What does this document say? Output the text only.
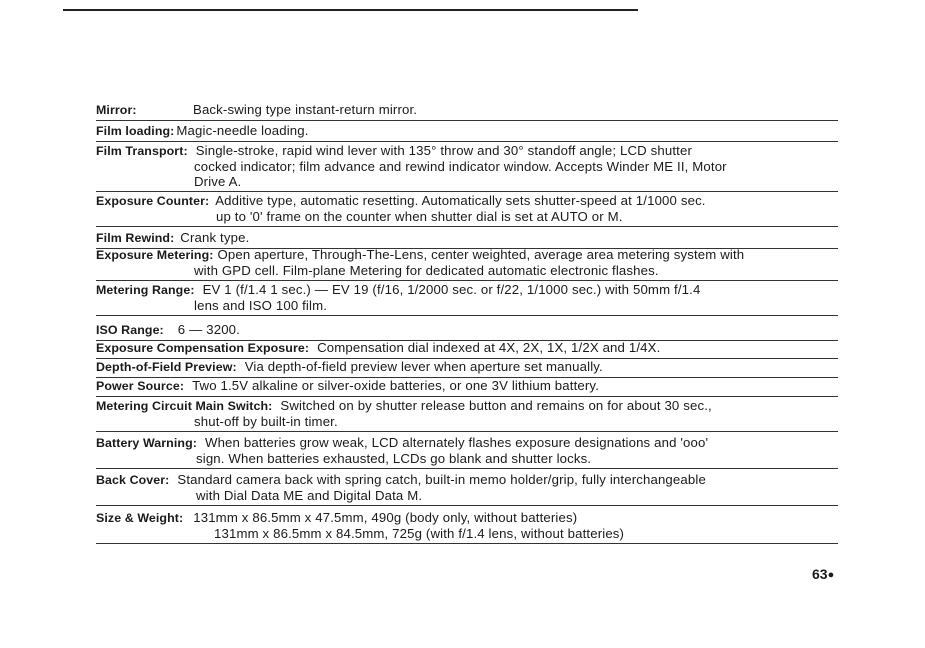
Mirror:	Back-swing type instant-return mirror.
Film loading: Magic-needle loading.
Film Transport: Single-stroke, rapid wind lever with 135° throw and 30° standoff angle; LCD shutter
cocked indicator; film advance and rewind indicator window. Accepts Winder ME II, Motor
Drive A.
Exposure Counter: Additive type, automatic resetting. Automatically sets shutter-speed at 1/1000 sec.
up to '0' frame on the counter when shutter dial is set at AUTO or M.
Film Rewind: Crank type.
Exposure Metering: Open aperture, Through-The-Lens, center weighted, average area metering system with
with GPD cell. Film-plane Metering for dedicated automatic electronic flashes.
Metering Range: EV 1 (f/1.4 1 sec.) — EV 19 (f/16, 1/2000 sec. or f/22, 1/1000 sec.) with 50mm f/1.4
lens and ISO 100 film.
ISO Range: 6 — 3200.
Exposure Compensation Exposure: Compensation dial indexed at 4X, 2X, 1X, 1/2X and 1/4X.
Depth-of-Field Preview: Via depth-of-field preview lever when aperture set manually.
Power Source: Two 1.5V alkaline or silver-oxide batteries, or one 3V lithium battery.
Metering Circuit Main Switch: Switched on by shutter release button and remains on for about 30 sec.,
shut-off by built-in timer.
Battery Warning: When batteries grow weak, LCD alternately flashes exposure designations and 'ooo'
sign. When batteries exhausted, LCDs go blank and shutter locks.
Back Cover: Standard camera back with spring catch, built-in memo holder/grip, fully interchangeable
with Dial Data ME and Digital Data M.
Size & Weight: 131mm x 86.5mm x 47.5mm, 490g (body only, without batteries)
131mm x 86.5mm x 84.5mm, 725g (with f/1.4 lens, without batteries)
63●
